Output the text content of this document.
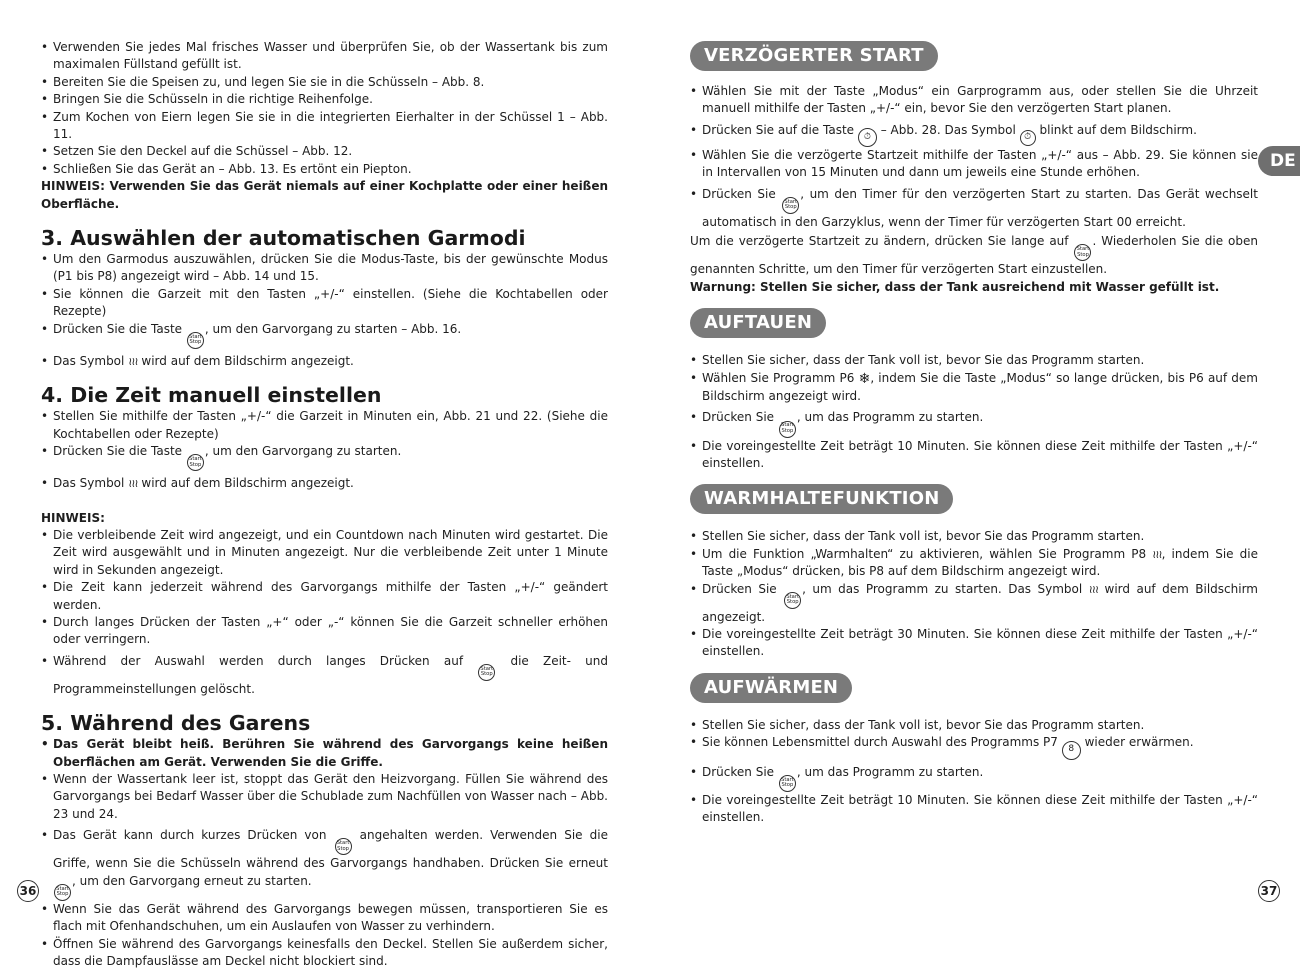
• Verwenden Sie jedes Mal frisches Wasser und überprüfen Sie, ob der Wassertank bis zum maximalen Füllstand gefüllt ist.
• Bereiten Sie die Speisen zu, und legen Sie sie in die Schüsseln – Abb. 8.
• Bringen Sie die Schüsseln in die richtige Reihenfolge.
• Zum Kochen von Eiern legen Sie sie in die integrierten Eierhalter in der Schüssel 1 – Abb. 11.
• Setzen Sie den Deckel auf die Schüssel – Abb. 12.
• Schließen Sie das Gerät an – Abb. 13. Es ertönt ein Piepton.

HINWEIS: Verwenden Sie das Gerät niemals auf einer Kochplatte oder einer heißen Oberfläche.

3. Auswählen der automatischen Garmodi
• Um den Garmodus auszuwählen, drücken Sie die Modus-Taste, bis der gewünschte Modus (P1 bis P8) angezeigt wird – Abb. 14 und 15.
• Sie können die Garzeit mit den Tasten „+/-“ einstellen. (Siehe die Kochtabellen oder Rezepte)
• Drücken Sie die Taste
Start
Stop
, um den Garvorgang zu starten – Abb. 16.
• Das Symbol ≀≀≀ wird auf dem Bildschirm angezeigt.
4. Die Zeit manuell einstellen
• Stellen Sie mithilfe der Tasten „+/-“ die Garzeit in Minuten ein, Abb. 21 und 22. (Siehe die Kochtabellen oder Rezepte)
• Drücken Sie die Taste
Start
Stop
, um den Garvorgang zu starten.
• Das Symbol ≀≀≀ wird auf dem Bildschirm angezeigt.

HINWEIS:

• Die verbleibende Zeit wird angezeigt, und ein Countdown nach Minuten wird gestartet. Die Zeit wird ausgewählt und in Minuten angezeigt. Nur die verbleibende Zeit unter 1 Minute wird in Sekunden angezeigt.
• Die Zeit kann jederzeit während des Garvorgangs mithilfe der Tasten „+/-“ geändert werden.
• Durch langes Drücken der Tasten „+“ oder „-“ können Sie die Garzeit schneller erhöhen oder verringern.
• Während der Auswahl werden durch langes Drücken auf
Start
Stop
die Zeit- und Programmeinstellungen gelöscht.
5. Während des Garens
• Das Gerät bleibt heiß. Berühren Sie während des Garvorgangs keine heißen Oberflächen am Gerät. Verwenden Sie die Griffe.
• Wenn der Wassertank leer ist, stoppt das Gerät den Heizvorgang. Füllen Sie während des Garvorgangs bei Bedarf Wasser über die Schublade zum Nachfüllen von Wasser nach – Abb. 23 und 24.
• Das Gerät kann durch kurzes Drücken von
Start
Stop
angehalten werden. Verwenden Sie die Griffe, wenn Sie die Schüsseln während des Garvorgangs handhaben. Drücken Sie erneut
Start
Stop
, um den Garvorgang erneut zu starten.
• Wenn Sie das Gerät während des Garvorgangs bewegen müssen, transportieren Sie es flach mit Ofenhandschuhen, um ein Auslaufen von Wasser zu verhindern.
• Öffnen Sie während des Garvorgangs keinesfalls den Deckel. Stellen Sie außerdem sicher, dass die Dampfauslässe am Deckel nicht blockiert sind.
36
VERZÖGERTER START
• Wählen Sie mit der Taste „Modus“ ein Garprogramm aus, oder stellen Sie die Uhrzeit manuell mithilfe der Tasten „+/-“ ein, bevor Sie den verzögerten Start planen.
• Drücken Sie auf die Taste ⏱ – Abb. 28. Das Symbol ⏱ blinkt auf dem Bildschirm.
• Wählen Sie die verzögerte Startzeit mithilfe der Tasten „+/-“ aus – Abb. 29. Sie können sie in Intervallen von 15 Minuten und dann um jeweils eine Stunde erhöhen.
• Drücken Sie
Start
Stop
, um den Timer für den verzögerten Start zu starten. Das Gerät wechselt automatisch in den Garzyklus, wenn der Timer für verzögerten Start 00 erreicht.

Um die verzögerte Startzeit zu ändern, drücken Sie lange auf
Start
Stop
. Wiederholen Sie die oben genannten Schritte, um den Timer für verzögerten Start einzustellen.

Warnung: Stellen Sie sicher, dass der Tank ausreichend mit Wasser gefüllt ist.

AUFTAUEN
• Stellen Sie sicher, dass der Tank voll ist, bevor Sie das Programm starten.
• Wählen Sie Programm P6 ❄, indem Sie die Taste „Modus“ so lange drücken, bis P6 auf dem Bildschirm angezeigt wird.
• Drücken Sie
Start
Stop
, um das Programm zu starten.
• Die voreingestellte Zeit beträgt 10 Minuten. Sie können diese Zeit mithilfe der Tasten „+/-“ einstellen.
WARMHALTEFUNKTION
• Stellen Sie sicher, dass der Tank voll ist, bevor Sie das Programm starten.
• Um die Funktion „Warmhalten“ zu aktivieren, wählen Sie Programm P8 ≀≀≀, indem Sie die Taste „Modus“ drücken, bis P8 auf dem Bildschirm angezeigt wird.
• Drücken Sie
Start
Stop
, um das Programm zu starten. Das Symbol ≀≀≀ wird auf dem Bildschirm angezeigt.
• Die voreingestellte Zeit beträgt 30 Minuten. Sie können diese Zeit mithilfe der Tasten „+/-“ einstellen.
AUFWÄRMEN
• Stellen Sie sicher, dass der Tank voll ist, bevor Sie das Programm starten.
• Sie können Lebensmittel durch Auswahl des Programms P7 8 wieder erwärmen.
• Drücken Sie
Start
Stop
, um das Programm zu starten.
• Die voreingestellte Zeit beträgt 10 Minuten. Sie können diese Zeit mithilfe der Tasten „+/-“ einstellen.
DE
37
